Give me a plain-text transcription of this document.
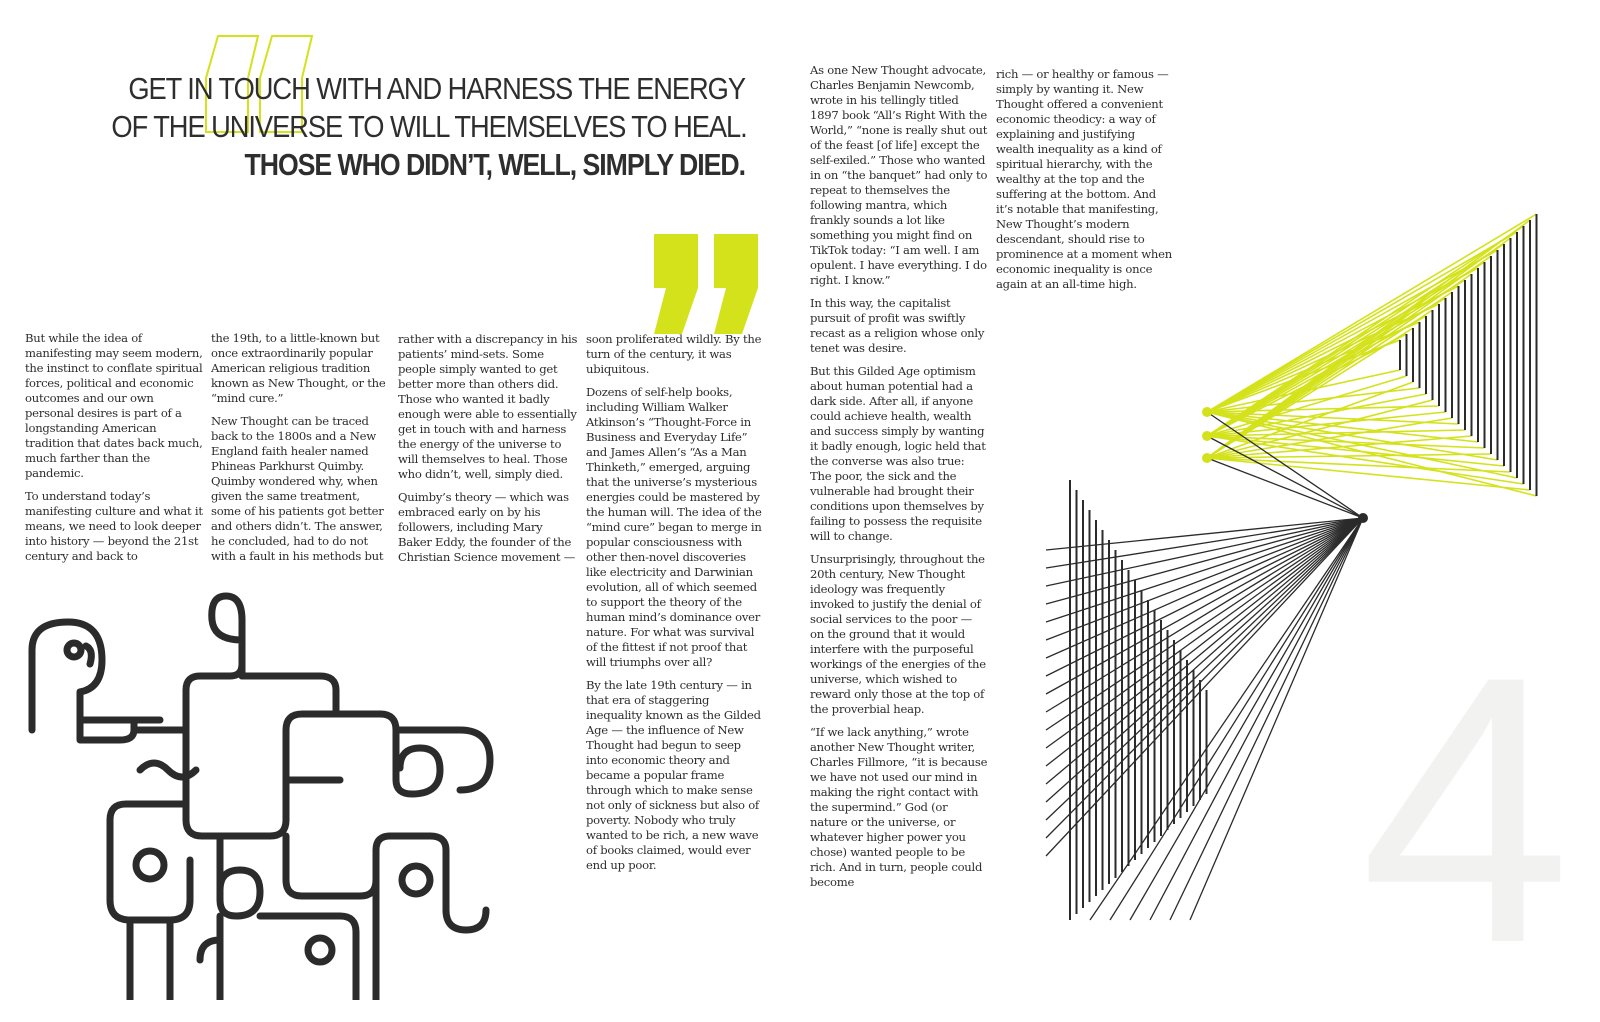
4
GET IN TOUCH WITH AND HARNESS THE ENERGY
OF THE UNIVERSE TO WILL THEMSELVES TO HEAL.
THOSE WHO DIDN’T, WELL, SIMPLY DIED.

But while the idea of manifesting may seem modern, the instinct to conflate spiritual forces, political and economic outcomes and our own personal desires is part of a longstanding American tradition that dates back much, much farther than the pandemic.

To understand today’s manifesting culture and what it means, we need to look deeper into history — beyond the 21st century and back to

the 19th, to a little-known but once extraordinarily popular American religious tradition known as New Thought, or the “mind cure.”

New Thought can be traced back to the 1800s and a New England faith healer named Phineas Parkhurst Quimby. Quimby wondered why, when given the same treatment, some of his patients got better and others didn’t. The answer, he concluded, had to do not with a fault in his methods but

rather with a discrepancy in his patients’ mind-sets. Some people simply wanted to get better more than others did. Those who wanted it badly enough were able to essentially get in touch with and harness the energy of the universe to will themselves to heal. Those who didn’t, well, simply died.

Quimby’s theory — which was embraced early on by his followers, including Mary Baker Eddy, the founder of the Christian Science movement —

soon proliferated wildly. By the turn of the century, it was ubiquitous.

Dozens of self-help books, including William Walker Atkinson’s “Thought-Force in Business and Everyday Life” and James Allen’s “As a Man Thinketh,” emerged, arguing that the universe’s mysterious energies could be mastered by the human will. The idea of the “mind cure” began to merge in popular consciousness with other then-novel discoveries like electricity and Darwinian evolution, all of which seemed to support the theory of the human mind’s dominance over nature. For what was survival of the fittest if not proof that will triumphs over all?

By the late 19th century — in that era of staggering inequality known as the Gilded Age — the influence of New Thought had begun to seep into economic theory and became a popular frame through which to make sense not only of sickness but also of poverty. Nobody who truly wanted to be rich, a new wave of books claimed, would ever end up poor.

As one New Thought advocate, Charles Benjamin Newcomb, wrote in his tellingly titled 1897 book “All’s Right With the World,” “none is really shut out of the feast [of life] except the self-exiled.” Those who wanted in on “the banquet” had only to repeat to themselves the following mantra, which frankly sounds a lot like something you might find on TikTok today: “I am well. I am opulent. I have everything. I do right. I know.”

In this way, the capitalist pursuit of profit was swiftly recast as a religion whose only tenet was desire.

But this Gilded Age optimism about human potential had a dark side. After all, if anyone could achieve health, wealth and success simply by wanting it badly enough, logic held that the converse was also true: The poor, the sick and the vulnerable had brought their conditions upon themselves by failing to possess the requisite will to change.

Unsurprisingly, throughout the 20th century, New Thought ideology was frequently invoked to justify the denial of social services to the poor — on the ground that it would interfere with the purposeful workings of the energies of the universe, which wished to reward only those at the top of the proverbial heap.

“If we lack anything,” wrote another New Thought writer, Charles Fillmore, “it is because we have not used our mind in making the right contact with the supermind.” God (or nature or the universe, or whatever higher power you chose) wanted people to be rich. And in turn, people could become

rich — or healthy or famous — simply by wanting it. New Thought offered a convenient economic theodicy: a way of explaining and justifying wealth inequality as a kind of spiritual hierarchy, with the wealthy at the top and the suffering at the bottom. And it’s notable that manifesting, New Thought’s modern descendant, should rise to prominence at a moment when economic inequality is once again at an all-time high.
